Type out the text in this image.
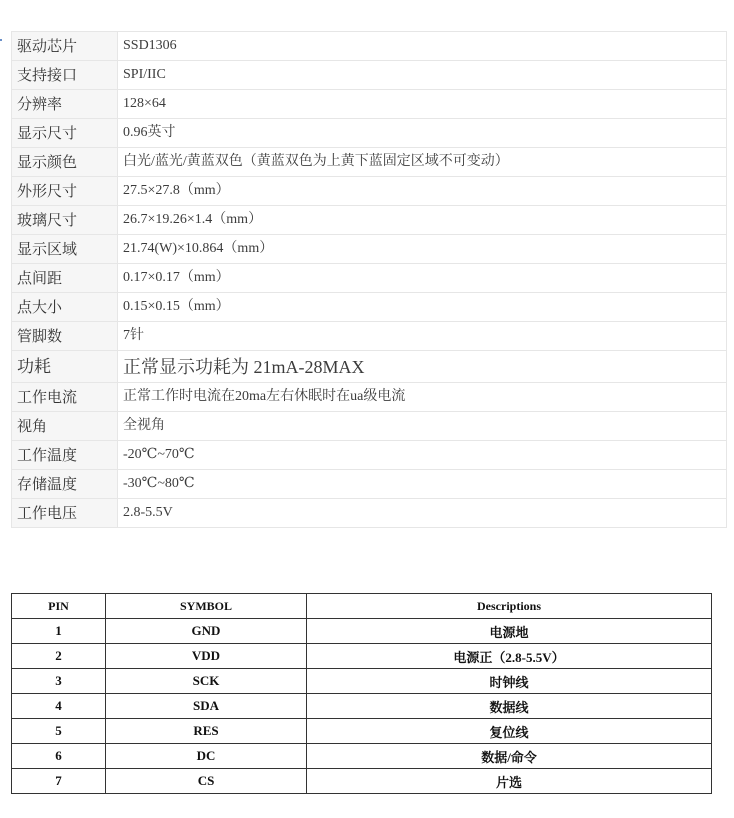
驱动芯片	SSD1306
支持接口	SPI/IIC
分辨率	128×64
显示尺寸	0.96英寸
显示颜色	白光/蓝光/黄蓝双色（黄蓝双色为上黄下蓝固定区域不可变动）
外形尺寸	27.5×27.8（mm）
玻璃尺寸	26.7×19.26×1.4（mm）
显示区域	21.74(W)×10.864（mm）
点间距	0.17×0.17（mm）
点大小	0.15×0.15（mm）
管脚数	7针
功耗	正常显示功耗为 21mA-28MAX
工作电流	正常工作时电流在20ma左右休眠时在ua级电流
视角	全视角
工作温度	-20℃~70℃
存储温度	-30℃~80℃
工作电压	2.8-5.5V
PIN	SYMBOL	Descriptions
1	GND	电源地
2	VDD	电源正（2.8-5.5V）
3	SCK	时钟线
4	SDA	数据线
5	RES	复位线
6	DC	数据/命令
7	CS	片选
